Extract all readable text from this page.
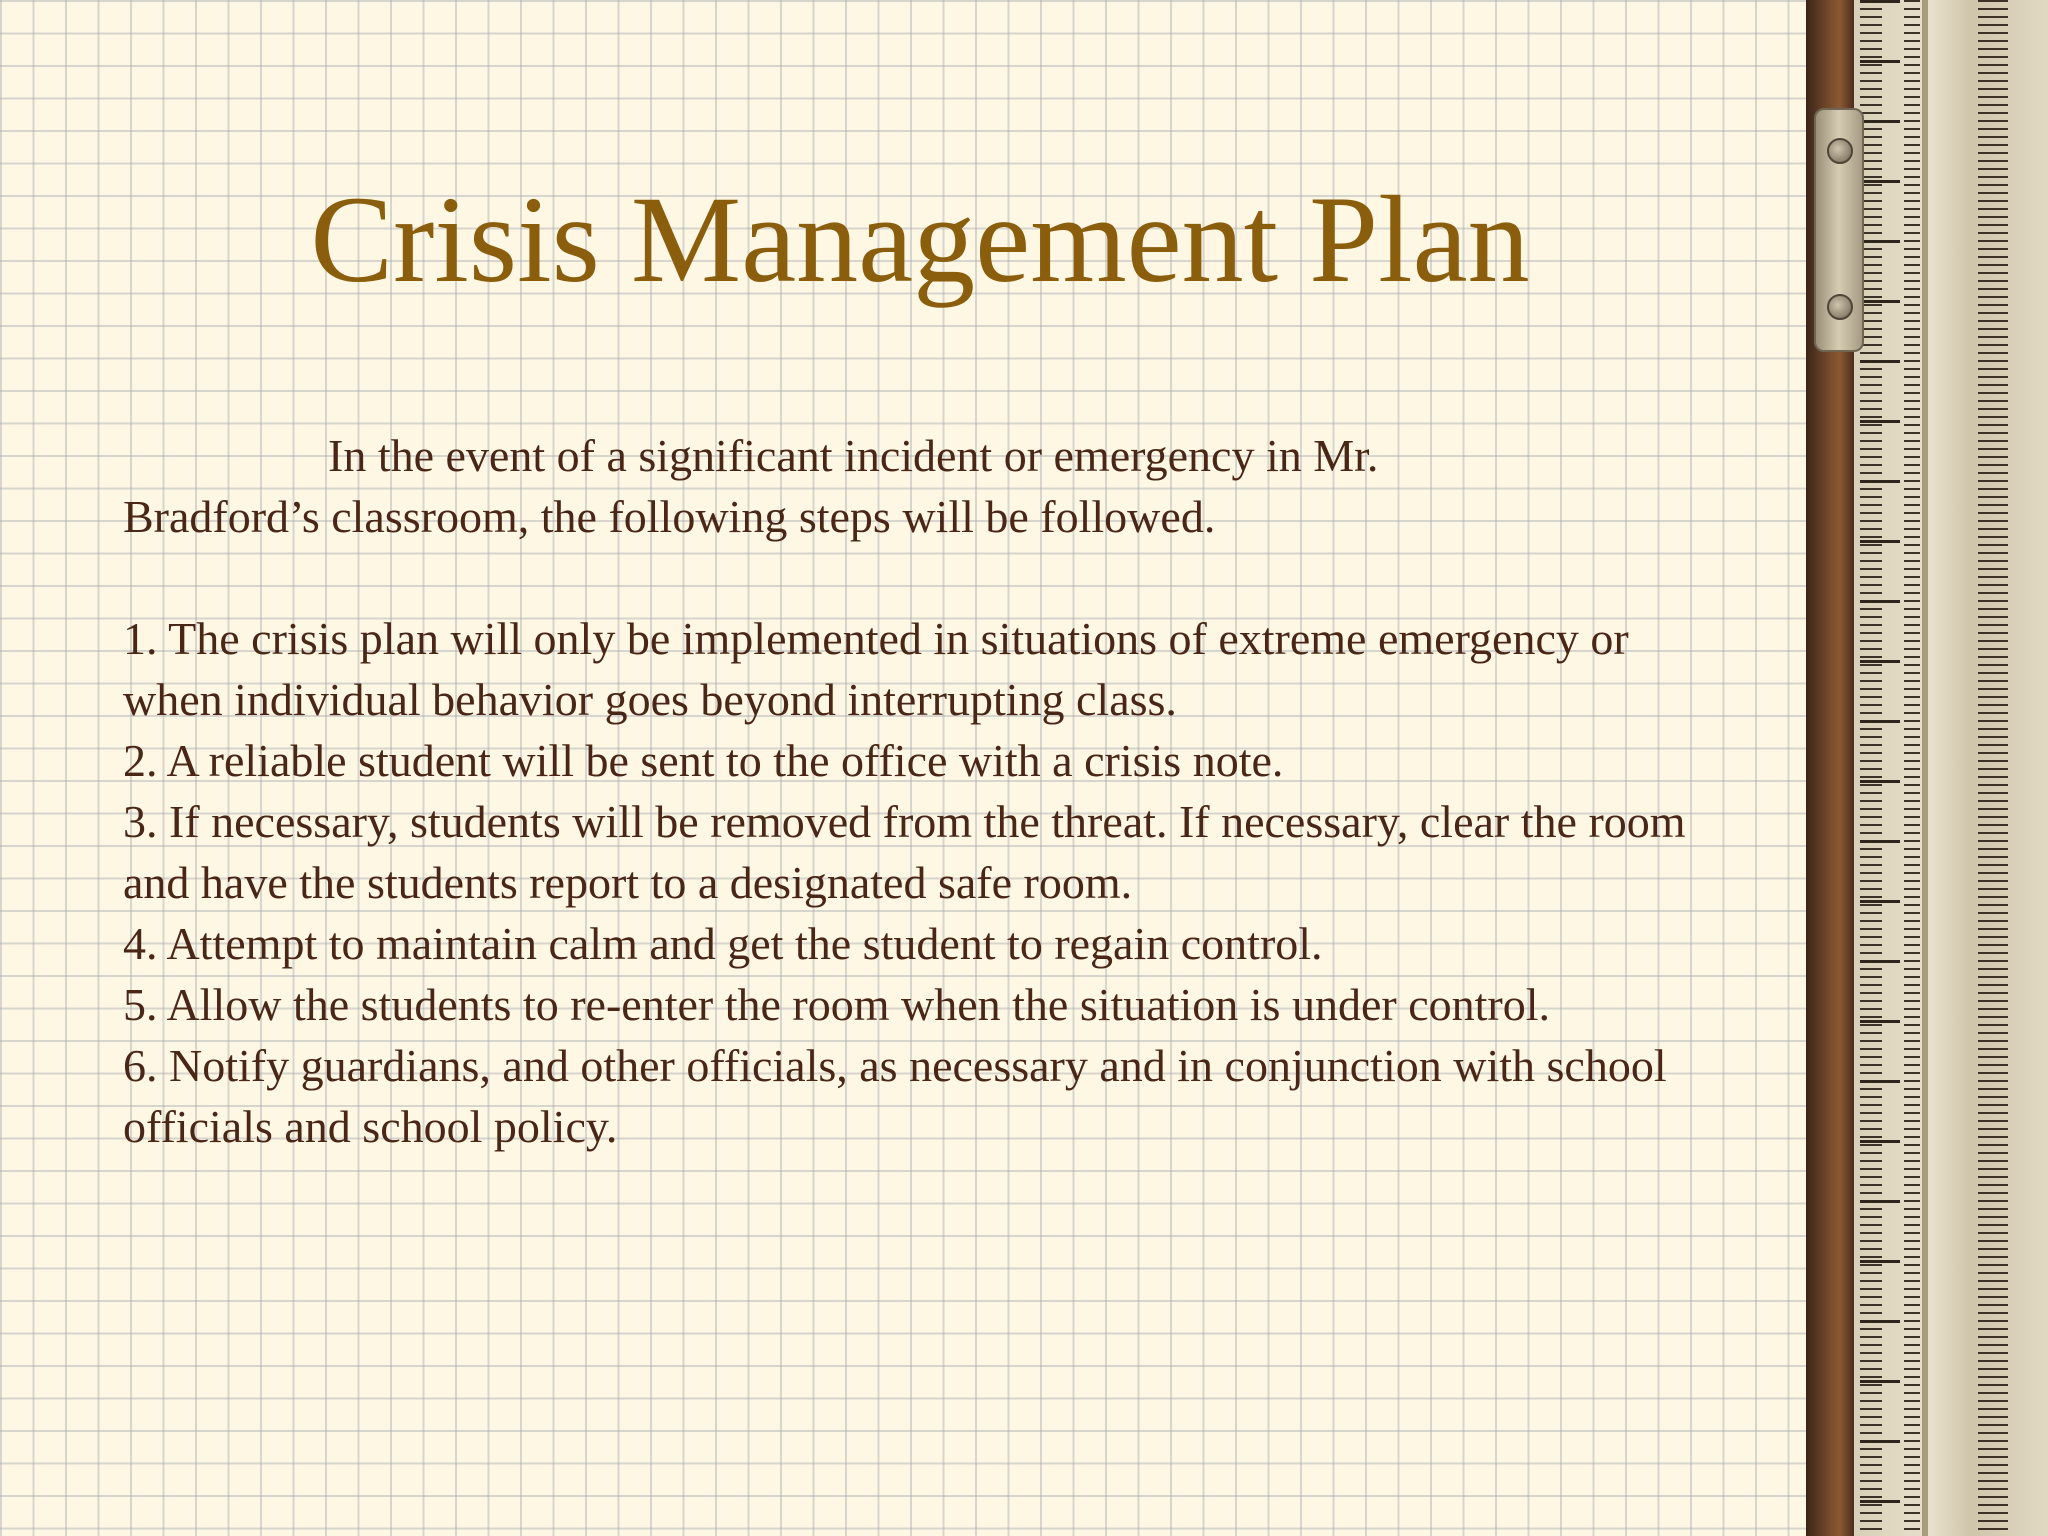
Crisis Management Plan

In the event of a significant incident or emergency in Mr.

Bradford’s classroom, the following steps will be followed.

1. The crisis plan will only be implemented in situations of extreme emergency or when individual behavior goes beyond interrupting class.

2. A reliable student will be sent to the office with a crisis note.

3. If necessary, students will be removed from the threat. If necessary, clear the room and have the students report to a designated safe room.

4. Attempt to maintain calm and get the student to regain control.

5. Allow the students to re-enter the room when the situation is under control.

6. Notify guardians, and other officials, as necessary and in conjunction with school officials and school policy.
